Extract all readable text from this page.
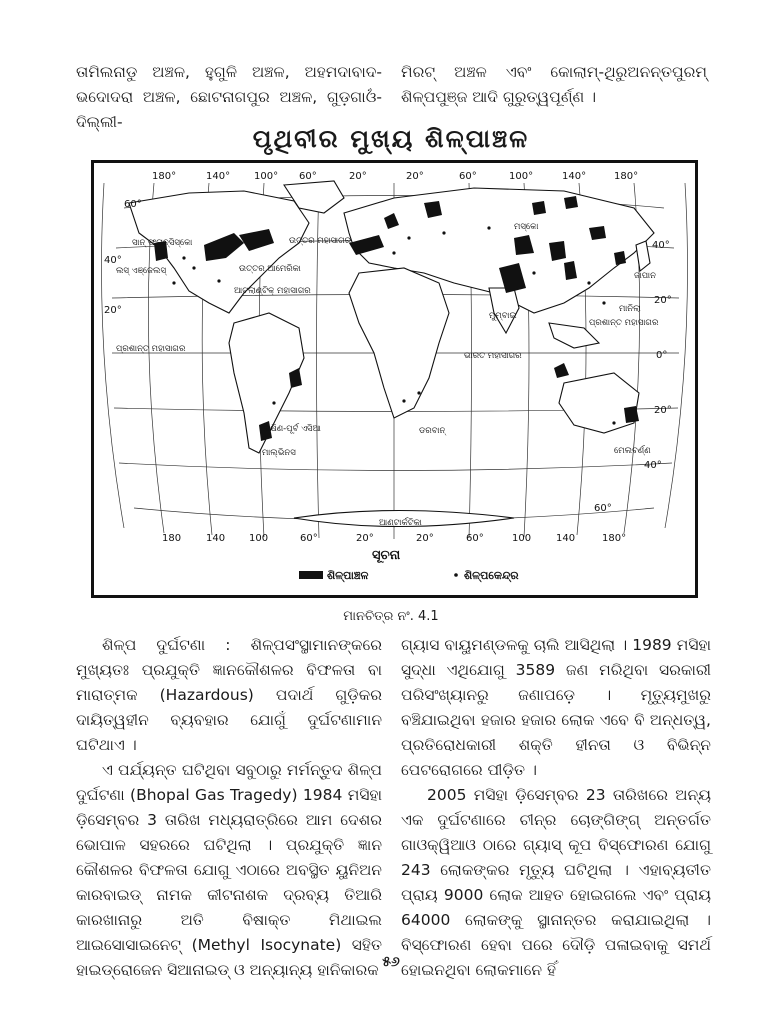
ତାମିଲନାଡୁ ଅଞ୍ଚଳ, ହୁଗୁଳି ଅଞ୍ଚଳ, ଅହମଦାବାଦ-ଭଦୋଦରା ଅଞ୍ଚଳ, ଛୋଟନାଗପୁର ଅଞ୍ଚଳ, ଗୁଡ଼ଗାଓଁ-ଦିଲ୍ଲୀ-

ମିରଟ୍ ଅଞ୍ଚଳ ଏବଂ କୋଲାମ୍-ଥିରୁଅନନ୍ତପୁରମ୍ ଶିଳ୍ପପୁଞ୍ଜ ଆଦି ଗୁରୁତ୍ୱପୂର୍ଣ୍ଣ ।

ପୃଥିବୀର ମୁଖ୍ୟ ଶିଳ୍ପାଞ୍ଚଳ
180°	140° 100° 60°	20°	20°	60°	100°	140°	180°
180 140 100	60°	20°	20°	60°	100 140	180°
60°
40°
20°
40°
20°
0°
20°
40°
60°
ଉତ୍ତର ମହାସାଗର
ଉତ୍ତର ଆମେରିକା
ଆଟଲାଣ୍ଟିକ୍ ମହାସାଗର
ପ୍ରଶାନ୍ତ ମହାସାଗର
ସାନ୍ ଫ୍ରାନ୍ସିସ୍କୋ
ଲସ୍ ଏଞ୍ଜେଲସ୍
ମସ୍କୋ
ଜାପାନ
ମାନିଲା
ପ୍ରଶାନ୍ତ ମହାସାଗର
ଭାରତ ମହାସାଗର
ମୁମ୍ବାଇ
ଦକ୍ଷିଣ-ପୂର୍ବ ଏସିଆ
ମେଲବର୍ଣ୍ଣ
ମାଲ୍‌ଭିନସ
ଡରବାନ୍
ଆଣ୍ଟାର୍କଟିକା
ସୂଚନା
ଶିଳ୍ପାଞ୍ଚଳ	ଶିଳ୍ପକେନ୍ଦ୍ର
ମାନଚିତ୍ର ନଂ. 4.1

ଶିଳ୍ପ ଦୁର୍ଘଟଣା : ଶିଳ୍ପସଂସ୍ଥାମାନଙ୍କରେ ମୁଖ୍ୟତଃ ପ୍ରଯୁକ୍ତି ଜ୍ଞାନକୌଶଳର ବିଫଳତା ବା ମାରାତ୍ମକ (Hazardous) ପଦାର୍ଥ ଗୁଡ଼ିକର ଦାୟିତ୍ୱହୀନ ବ୍ୟବହାର ଯୋଗୁଁ ଦୁର୍ଘଟଣାମାନ ଘଟିଥାଏ ।

ଏ ପର୍ଯ୍ୟନ୍ତ ଘଟିଥିବା ସବୁଠାରୁ ମର୍ମନ୍ତୁଦ ଶିଳ୍ପ ଦୁର୍ଘଟଣା (Bhopal Gas Tragedy) 1984 ମସିହା ଡ଼ିସେମ୍ବର 3 ତାରିଖ ମଧ୍ୟରାତ୍ରିରେ ଆମ ଦେଶର ଭୋପାଳ ସହରରେ ଘଟିଥିଲା । ପ୍ରଯୁକ୍ତି ଜ୍ଞାନ କୌଶଳର ବିଫଳତା ଯୋଗୁ ଏଠାରେ ଅବସ୍ଥିତ ୟୁନିଅନ କାରବାଇଡ୍ ନାମକ କୀଟନାଶକ ଦ୍ରବ୍ୟ ତିଆରି କାରଖାନାରୁ ଅତି ବିଷାକ୍ତ ମିଥାଇଲ ଆଇସୋସାଇନେଟ୍ (Methyl Isocynate) ସହିତ ହାଇଡ୍ରୋଜେନ ସିଆନାଇଡ୍ ଓ ଅନ୍ୟାନ୍ୟ ହାନିକାରକ

ଗ୍ୟାସ ବାୟୁମଣ୍ଡଳକୁ ଚାଲି ଆସିଥିଲା । 1989 ମସିହା ସୁଦ୍ଧା ଏଥିଯୋଗୁ 3589 ଜଣ ମରିଥିବା ସରକାରୀ ପରିସଂଖ୍ୟାନରୁ ଜଣାପଡ଼େ । ମୃତ୍ୟୁମୁଖରୁ ବଞ୍ଚିଯାଇଥିବା ହଜାର ହଜାର ଲୋକ ଏବେ ବି ଅନ୍ଧତ୍ୱ, ପ୍ରତିରୋଧକାରୀ ଶକ୍ତି ହୀନତା ଓ ବିଭିନ୍ନ ପେଟରୋଗରେ ପୀଡ଼ିତ ।

2005 ମସିହା ଡ଼ିସେମ୍ବର 23 ତାରିଖରେ ଅନ୍ୟ ଏକ ଦୁର୍ଘଟଣାରେ ଚୀନ୍‌ର ଚୋଙ୍ଗିଙ୍ଗ୍ ଅନ୍ତର୍ଗତ ଗାଓକ୍ୱିଆଓ ଠାରେ ଗ୍ୟାସ୍ କୂପ ବିସ୍ଫୋରଣ ଯୋଗୁ 243 ଲୋକଙ୍କର ମୃତ୍ୟୁ ଘଟିଥିଲା । ଏହାବ୍ୟତୀତ ପ୍ରାୟ 9000 ଲୋକ ଆହତ ହୋଇଗଲେ ଏବଂ ପ୍ରାୟ 64000 ଲୋକଙ୍କୁ ସ୍ଥାନାନ୍ତର କରାଯାଇଥିଲା । ବିସ୍ଫୋରଣ ହେବା ପରେ ଦୌଡ଼ି ପଳାଇବାକୁ ସମର୍ଥ ହୋଇନଥିବା ଲୋକମାନେ ହିଁ

୫୬
